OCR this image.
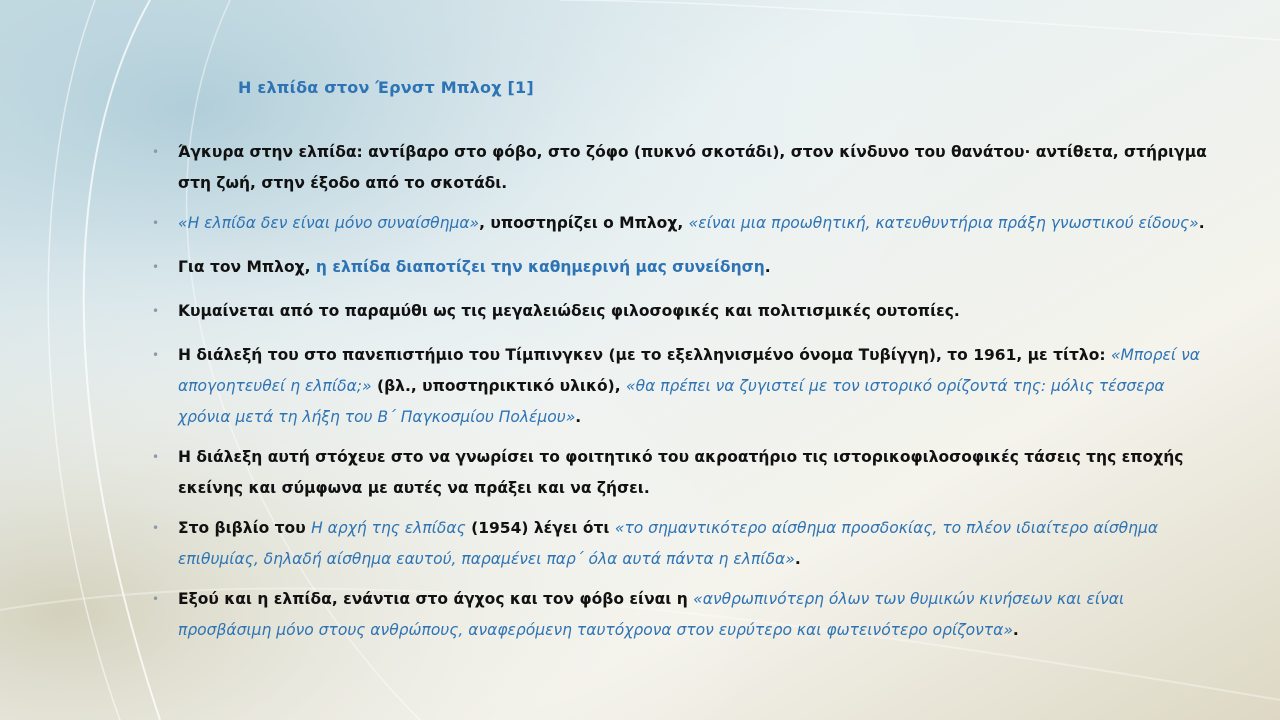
Η ελπίδα στον Έρνστ Μπλοχ [1]
• Άγκυρα στην ελπίδα: αντίβαρο στο φόβο, στο ζόφο (πυκνό σκοτάδι), στον κίνδυνο του θανάτου· αντίθετα, στήριγμα στη ζωή, στην έξοδο από το σκοτάδι.
• «Η ελπίδα δεν είναι μόνο συναίσθημα», υποστηρίζει ο Μπλοχ, «είναι μια προωθητική, κατευθυντήρια πράξη γνωστικού είδους».
• Για τον Μπλοχ, η ελπίδα διαποτίζει την καθημερινή μας συνείδηση.
• Κυμαίνεται από το παραμύθι ως τις μεγαλειώδεις φιλοσοφικές και πολιτισμικές ουτοπίες.
• Η διάλεξή του στο πανεπιστήμιο του Τίμπινγκεν (με το εξελληνισμένο όνομα Τυβίγγη), το 1961, με τίτλο: «Μπορεί να απογοητευθεί η ελπίδα;» (βλ., υποστηρικτικό υλικό), «θα πρέπει να ζυγιστεί με τον ιστορικό ορίζοντά της: μόλις τέσσερα χρόνια μετά τη λήξη του Β΄ Παγκοσμίου Πολέμου».
• Η διάλεξη αυτή στόχευε στο να γνωρίσει το φοιτητικό του ακροατήριο τις ιστορικοφιλοσοφικές τάσεις της εποχής εκείνης και σύμφωνα με αυτές να πράξει και να ζήσει.
• Στο βιβλίο του Η αρχή της ελπίδας (1954) λέγει ότι «το σημαντικότερο αίσθημα προσδοκίας, το πλέον ιδιαίτερο αίσθημα επιθυμίας, δηλαδή αίσθημα εαυτού, παραμένει παρ΄ όλα αυτά πάντα η ελπίδα».
• Εξού και η ελπίδα, ενάντια στο άγχος και τον φόβο είναι η «ανθρωπινότερη όλων των θυμικών κινήσεων και είναι προσβάσιμη μόνο στους ανθρώπους, αναφερόμενη ταυτόχρονα στον ευρύτερο και φωτεινότερο ορίζοντα».
